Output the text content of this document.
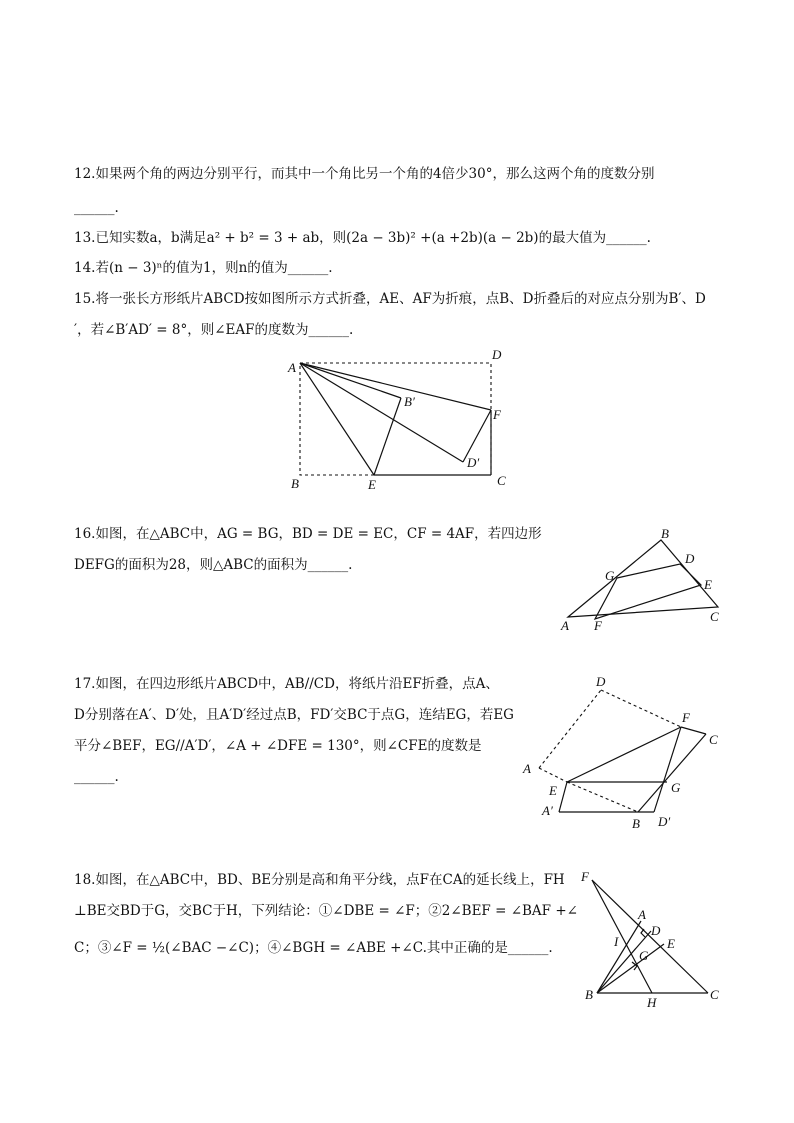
12.如果两个角的两边分别平行，而其中一个角比另一个角的4倍少30°，那么这两个角的度数分别
______.
13.已知实数a，b满足a² + b² = 3 + ab，则(2a − 3b)² +(a +2b)(a − 2b)的最大值为______.
14.若(n − 3)ⁿ的值为1，则n的值为______.
15.将一张长方形纸片ABCD按如图所示方式折叠，AE、AF为折痕，点B、D折叠后的对应点分别为B′、D
′，若∠B′AD′ = 8°，则∠EAF的度数为______.
A
D
B′
F
D′
B	E	C
16.如图，在△ABC中，AG = BG，BD = DE = EC，CF = 4AF，若四边形
DEFG的面积为28，则△ABC的面积为______.
B
D
G
E
A F
C
17.如图，在四边形纸片ABCD中，AB//CD，将纸片沿EF折叠，点A、
D分别落在A′、D′处，且A′D′经过点B，FD′交BC于点G，连结EG，若EG
平分∠BEF，EG//A′D′，∠A + ∠DFE = 130°，则∠CFE的度数是
______.
D
F
C
A
E	G
A′
B D′
18.如图，在△ABC中，BD、BE分别是高和角平分线，点F在CA的延长线上，FH
⊥BE交BD于G，交BC于H，下列结论：①∠DBE = ∠F；②2∠BEF = ∠BAF +∠
C；③∠F = ½(∠BAC −∠C)；④∠BGH = ∠ABE +∠C.其中正确的是______.
F
A
D
I	E
G
B
H
C
